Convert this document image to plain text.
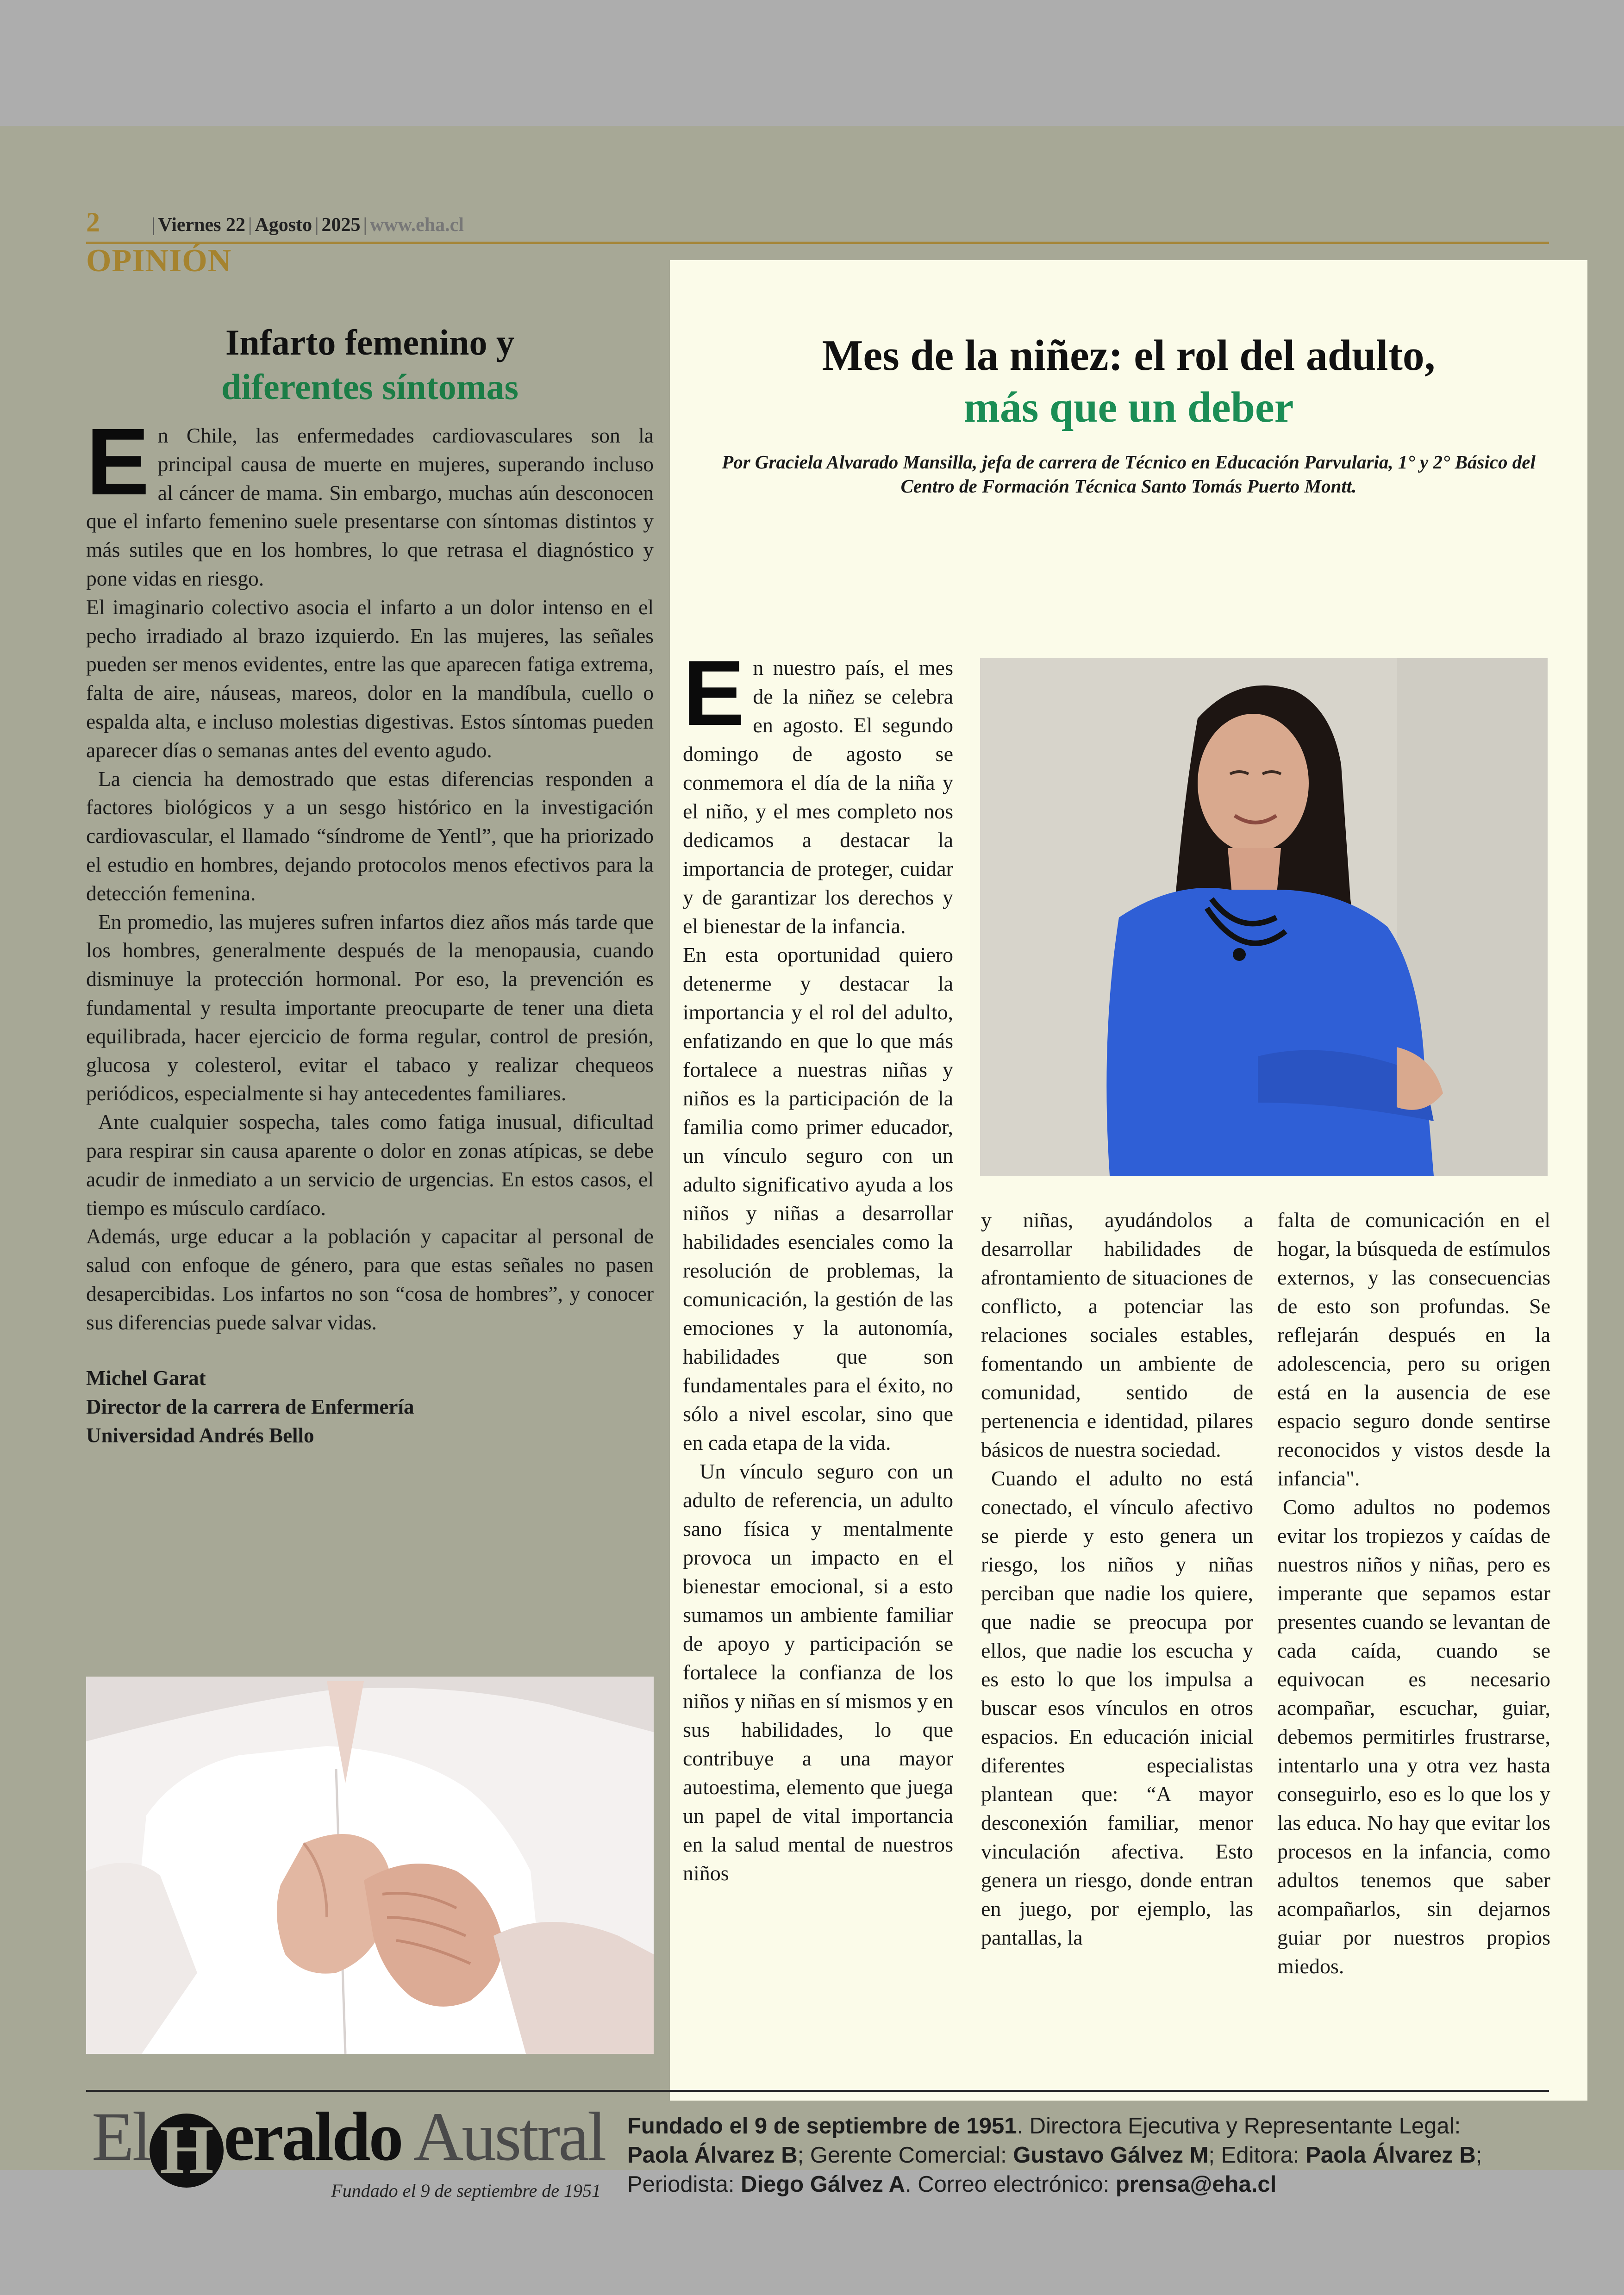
2	| Viernes 22 | Agosto | 2025 | www.eha.cl
OPINIÓN
Infarto femenino y
diferentes síntomas

En Chile, las enfermedades cardiovasculares son la principal causa de muerte en mujeres, superando incluso al cáncer de mama. Sin embargo, muchas aún desconocen que el infarto femenino suele presentarse con síntomas distintos y más sutiles que en los hombres, lo que retrasa el diagnóstico y pone vidas en riesgo.

El imaginario colectivo asocia el infarto a un dolor intenso en el pecho irradiado al brazo izquierdo. En las mujeres, las señales pueden ser menos evidentes, entre las que aparecen fatiga extrema, falta de aire, náuseas, mareos, dolor en la mandíbula, cuello o espalda alta, e incluso molestias digestivas. Estos síntomas pueden aparecer días o semanas antes del evento agudo.

La ciencia ha demostrado que estas diferencias responden a factores biológicos y a un sesgo histórico en la investigación cardiovascular, el llamado “síndrome de Yentl”, que ha priorizado el estudio en hombres, dejando protocolos menos efectivos para la detección femenina.

En promedio, las mujeres sufren infartos diez años más tarde que los hombres, generalmente después de la menopausia, cuando disminuye la protección hormonal. Por eso, la prevención es fundamental y resulta importante preocuparte de tener una dieta equilibrada, hacer ejercicio de forma regular, control de presión, glucosa y colesterol, evitar el tabaco y realizar chequeos periódicos, especialmente si hay antecedentes familiares.

Ante cualquier sospecha, tales como fatiga inusual, dificultad para respirar sin causa aparente o dolor en zonas atípicas, se debe acudir de inmediato a un servicio de urgencias. En estos casos, el tiempo es músculo cardíaco.

Además, urge educar a la población y capacitar al personal de salud con enfoque de género, para que estas señales no pasen desapercibidas. Los infartos no son “cosa de hombres”, y conocer sus diferencias puede salvar vidas.

Michel Garat
Director de la carrera de Enfermería
Universidad Andrés Bello
Mes de la niñez: el rol del adulto,
más que un deber
Por Graciela Alvarado Mansilla, jefa de carrera de Técnico en Educación Parvularia, 1° y 2° Básico del Centro de Formación Técnica Santo Tomás Puerto Montt.

En nuestro país, el mes de la niñez se celebra en agosto. El segundo domingo de agosto se conmemora el día de la niña y el niño, y el mes completo nos dedicamos a destacar la importancia de proteger, cuidar y de garantizar los derechos y el bienestar de la infancia.

En esta oportunidad quiero detenerme y destacar la importancia y el rol del adulto, enfatizando en que lo que más fortalece a nuestras niñas y niños es la participación de la familia como primer educador, un vínculo seguro con un adulto significativo ayuda a los niños y niñas a desarrollar habilidades esenciales como la resolución de problemas, la comunicación, la gestión de las emociones y la autonomía, habilidades que son fundamentales para el éxito, no sólo a nivel escolar, sino que en cada etapa de la vida.

Un vínculo seguro con un adulto de referencia, un adulto sano física y mentalmente provoca un impacto en el bienestar emocional, si a esto sumamos un ambiente familiar de apoyo y participación se fortalece la confianza de los niños y niñas en sí mismos y en sus habilidades, lo que contribuye a una mayor autoestima, elemento que juega un papel de vital importancia en la salud mental de nuestros niños

y niñas, ayudándolos a desarrollar habilidades de afrontamiento de situaciones de conflicto, a potenciar las relaciones sociales estables, fomentando un ambiente de comunidad, sentido de pertenencia e identidad, pilares básicos de nuestra sociedad.

Cuando el adulto no está conectado, el vínculo afectivo se pierde y esto genera un riesgo, los niños y niñas perciban que nadie los quiere, que nadie se preocupa por ellos, que nadie los escucha y es esto lo que los impulsa a buscar esos vínculos en otros espacios. En educación inicial diferentes especialistas plantean que: “A mayor desconexión familiar, menor vinculación afectiva. Esto genera un riesgo, donde entran en juego, por ejemplo, las pantallas, la

falta de comunicación en el hogar, la búsqueda de estímulos externos, y las consecuencias de esto son profundas. Se reflejarán después en la adolescencia, pero su origen está en la ausencia de ese espacio seguro donde sentirse reconocidos y vistos desde la infancia".

Como adultos no podemos evitar los tropiezos y caídas de nuestros niños y niñas, pero es imperante que sepamos estar presentes cuando se levantan de cada caída, cuando se equivocan es necesario acompañar, escuchar, guiar, debemos permitirles frustrarse, intentarlo una y otra vez hasta conseguirlo, eso es lo que los y las educa. No hay que evitar los procesos en la infancia, como adultos tenemos que saber acompañarlos, sin dejarnos guiar por nuestros propios miedos.

El H eraldo Austral
Fundado el 9 de septiembre de 1951
Fundado el 9 de septiembre de 1951. Directora Ejecutiva y Representante Legal:
Paola Álvarez B; Gerente Comercial: Gustavo Gálvez M; Editora: Paola Álvarez B;
Periodista: Diego Gálvez A. Correo electrónico: prensa@eha.cl
